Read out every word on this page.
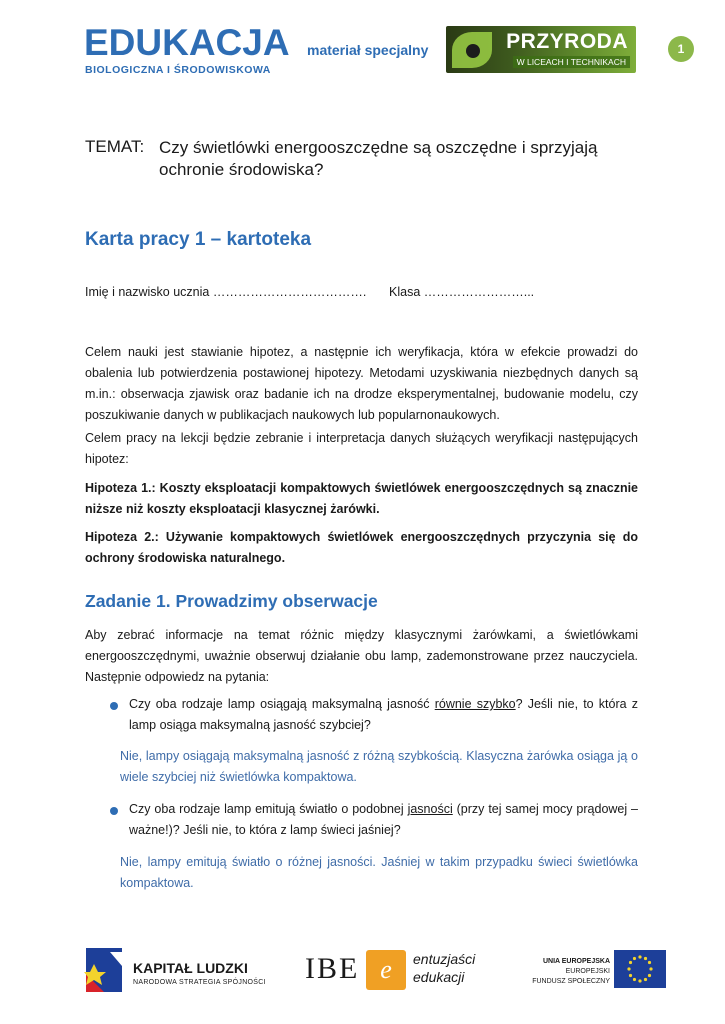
EDUKACJA
BIOLOGICZNA I ŚRODOWISKOWA
materiał specjalny	PRZYRODA
W LICEACH I TECHNIKACH
1
TEMAT: Czy świetlówki energooszczędne są oszczędne i sprzyjają ochronie środowiska?
Karta pracy 1 – kartoteka
Imię i nazwisko ucznia ………………………………. Klasa ……………………...
Celem nauki jest stawianie hipotez, a następnie ich weryfikacja, która w efekcie prowadzi do obalenia lub potwierdzenia postawionej hipotezy. Metodami uzyskiwania niezbędnych danych są m.in.: obserwacja zjawisk oraz badanie ich na drodze eksperymentalnej, budowanie modelu, czy poszukiwanie danych w publikacjach naukowych lub popularnonaukowych.
Celem pracy na lekcji będzie zebranie i interpretacja danych służących weryfikacji następujących hipotez:
Hipoteza 1.: Koszty eksploatacji kompaktowych świetlówek energooszczędnych są znacznie niższe niż koszty eksploatacji klasycznej żarówki.
Hipoteza 2.: Używanie kompaktowych świetlówek energooszczędnych przyczynia się do ochrony środowiska naturalnego.
Zadanie 1. Prowadzimy obserwacje
Aby zebrać informacje na temat różnic między klasycznymi żarówkami, a świetlówkami energooszczędnymi, uważnie obserwuj działanie obu lamp, zademonstrowane przez nauczyciela. Następnie odpowiedz na pytania:
Czy oba rodzaje lamp osiągają maksymalną jasność równie szybko? Jeśli nie, to która z lamp osiąga maksymalną jasność szybciej?
Nie, lampy osiągają maksymalną jasność z różną szybkością. Klasyczna żarówka osiąga ją o wiele szybciej niż świetlówka kompaktowa.
Czy oba rodzaje lamp emitują światło o podobnej jasności (przy tej samej mocy prądowej – ważne!)? Jeśli nie, to która z lamp świeci jaśniej?
Nie, lampy emitują światło o różnej jasności. Jaśniej w takim przypadku świeci świetlówka kompaktowa.
KAPITAŁ LUDZKI
NARODOWA STRATEGIA SPÓJNOŚCI IBE e	entuzjaści
edukacji
UNIA EUROPEJSKA
EUROPEJSKI
FUNDUSZ SPOŁECZNY
